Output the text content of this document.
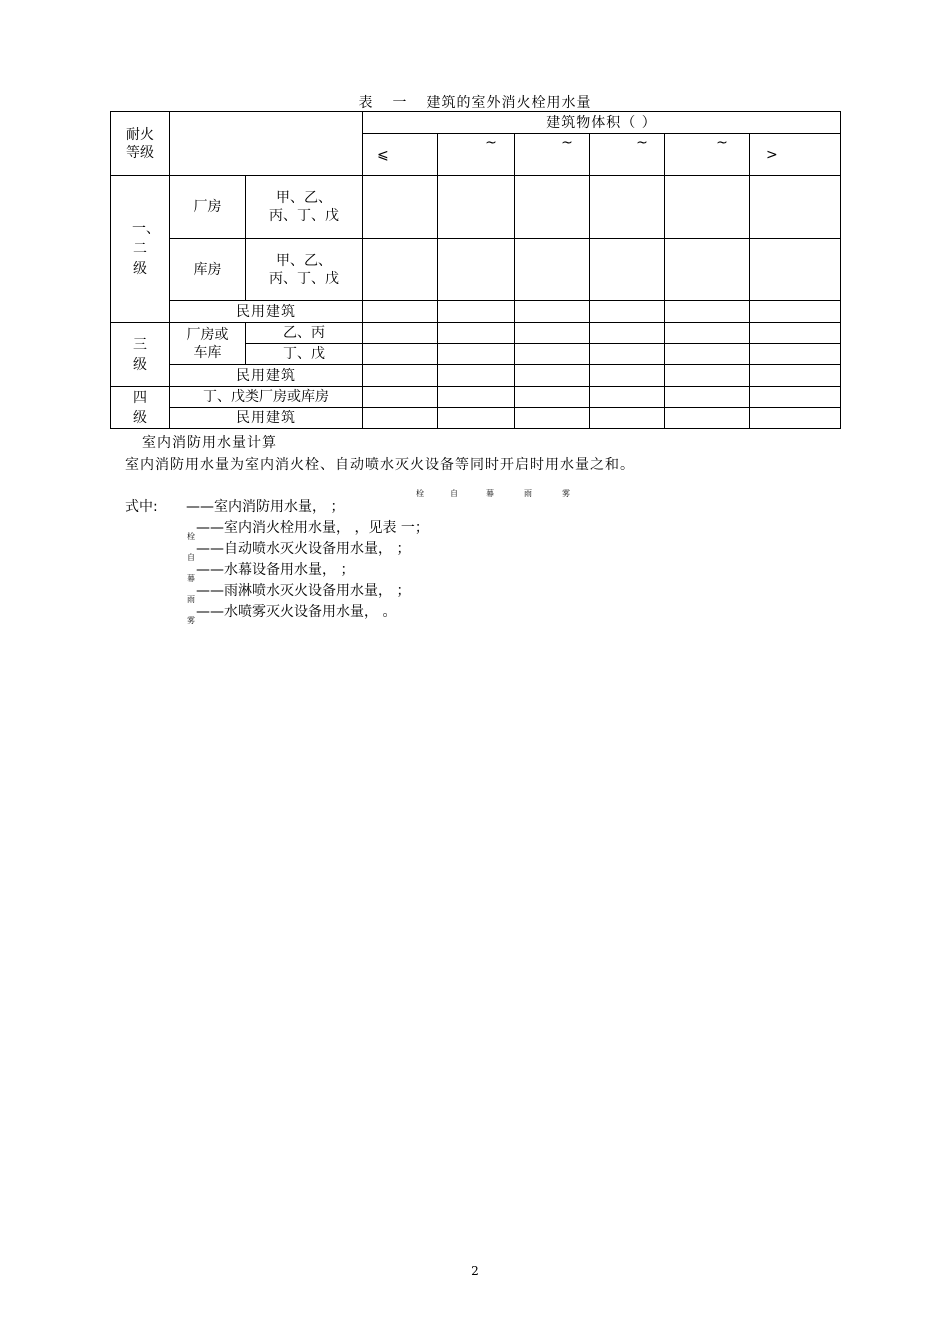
表 一 建筑的室外消火栓用水量
耐火等级			建筑物体积（ ）					
			⩽	~	~	~	~	>

一、二级	厂房	甲、乙、丙、丁、戊						

	库房	甲、乙、丙、丁、戊						

	民用建筑							

三级	厂房或车库	乙、丙						
		丁、戊						
	民用建筑							

四级	丁、戊类厂房或库房							
	民用建筑							
室内消防用水量计算
室内消防用水量为室内消火栓、自动喷水灭火设备等同时开启时用水量之和。
栓	自	幕	雨	雾
式中: ——室内消防用水量， ；
——室内消火栓用水量， ，见表 一；
栓
——自动喷水灭火设备用水量， ；
自
——水幕设备用水量， ；
幕
——雨淋喷水灭火设备用水量， ；
雨
——水喷雾灭火设备用水量， 。
雾
2
